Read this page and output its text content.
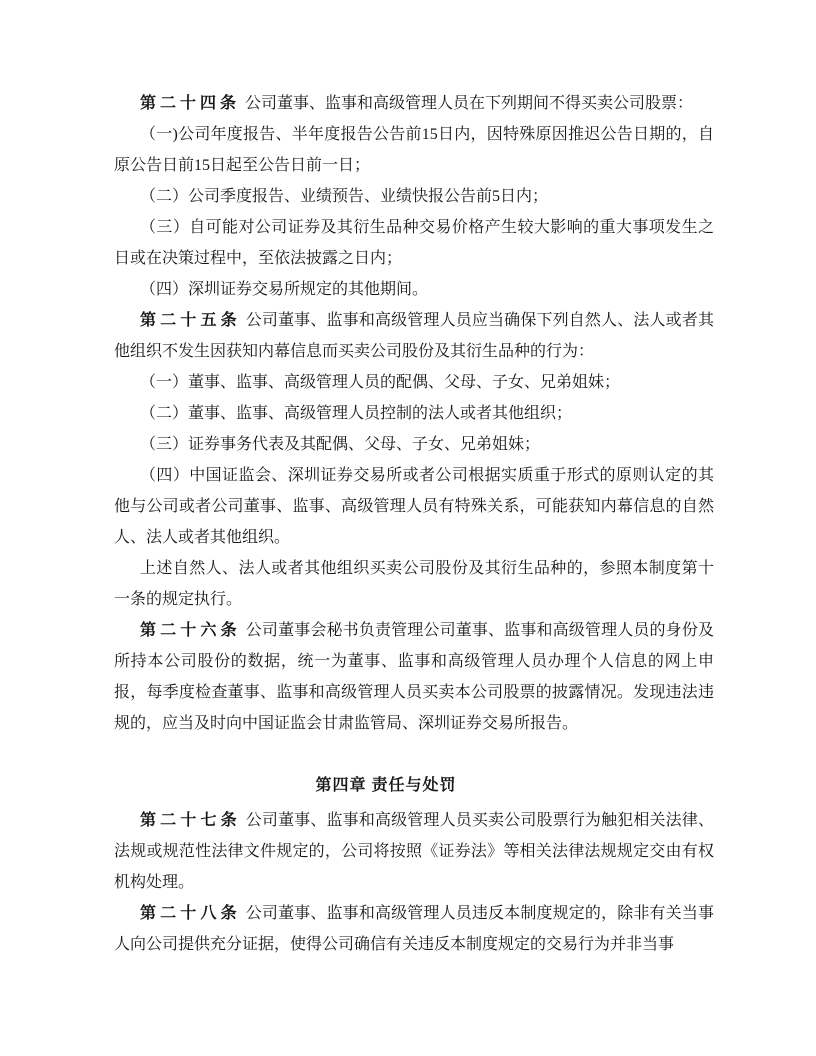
第二十四条 公司董事、监事和高级管理人员在下列期间不得买卖公司股票：

（一)公司年度报告、半年度报告公告前15日内，因特殊原因推迟公告日期的，自原公告日前15日起至公告日前一日；

（二）公司季度报告、业绩预告、业绩快报公告前5日内；

（三）自可能对公司证券及其衍生品种交易价格产生较大影响的重大事项发生之日或在决策过程中，至依法披露之日内；

（四）深圳证券交易所规定的其他期间。

第二十五条 公司董事、监事和高级管理人员应当确保下列自然人、法人或者其他组织不发生因获知内幕信息而买卖公司股份及其衍生品种的行为：

（一）董事、监事、高级管理人员的配偶、父母、子女、兄弟姐妹；

（二）董事、监事、高级管理人员控制的法人或者其他组织；

（三）证券事务代表及其配偶、父母、子女、兄弟姐妹；

（四）中国证监会、深圳证券交易所或者公司根据实质重于形式的原则认定的其他与公司或者公司董事、监事、高级管理人员有特殊关系，可能获知内幕信息的自然人、法人或者其他组织。

上述自然人、法人或者其他组织买卖公司股份及其衍生品种的，参照本制度第十一条的规定执行。

第二十六条 公司董事会秘书负责管理公司董事、监事和高级管理人员的身份及所持本公司股份的数据，统一为董事、监事和高级管理人员办理个人信息的网上申报，每季度检查董事、监事和高级管理人员买卖本公司股票的披露情况。发现违法违规的，应当及时向中国证监会甘肃监管局、深圳证券交易所报告。

第四章 责任与处罚

第二十七条 公司董事、监事和高级管理人员买卖公司股票行为触犯相关法律、法规或规范性法律文件规定的，公司将按照《证券法》等相关法律法规规定交由有权机构处理。

第二十八条 公司董事、监事和高级管理人员违反本制度规定的，除非有关当事人向公司提供充分证据，使得公司确信有关违反本制度规定的交易行为并非当事
